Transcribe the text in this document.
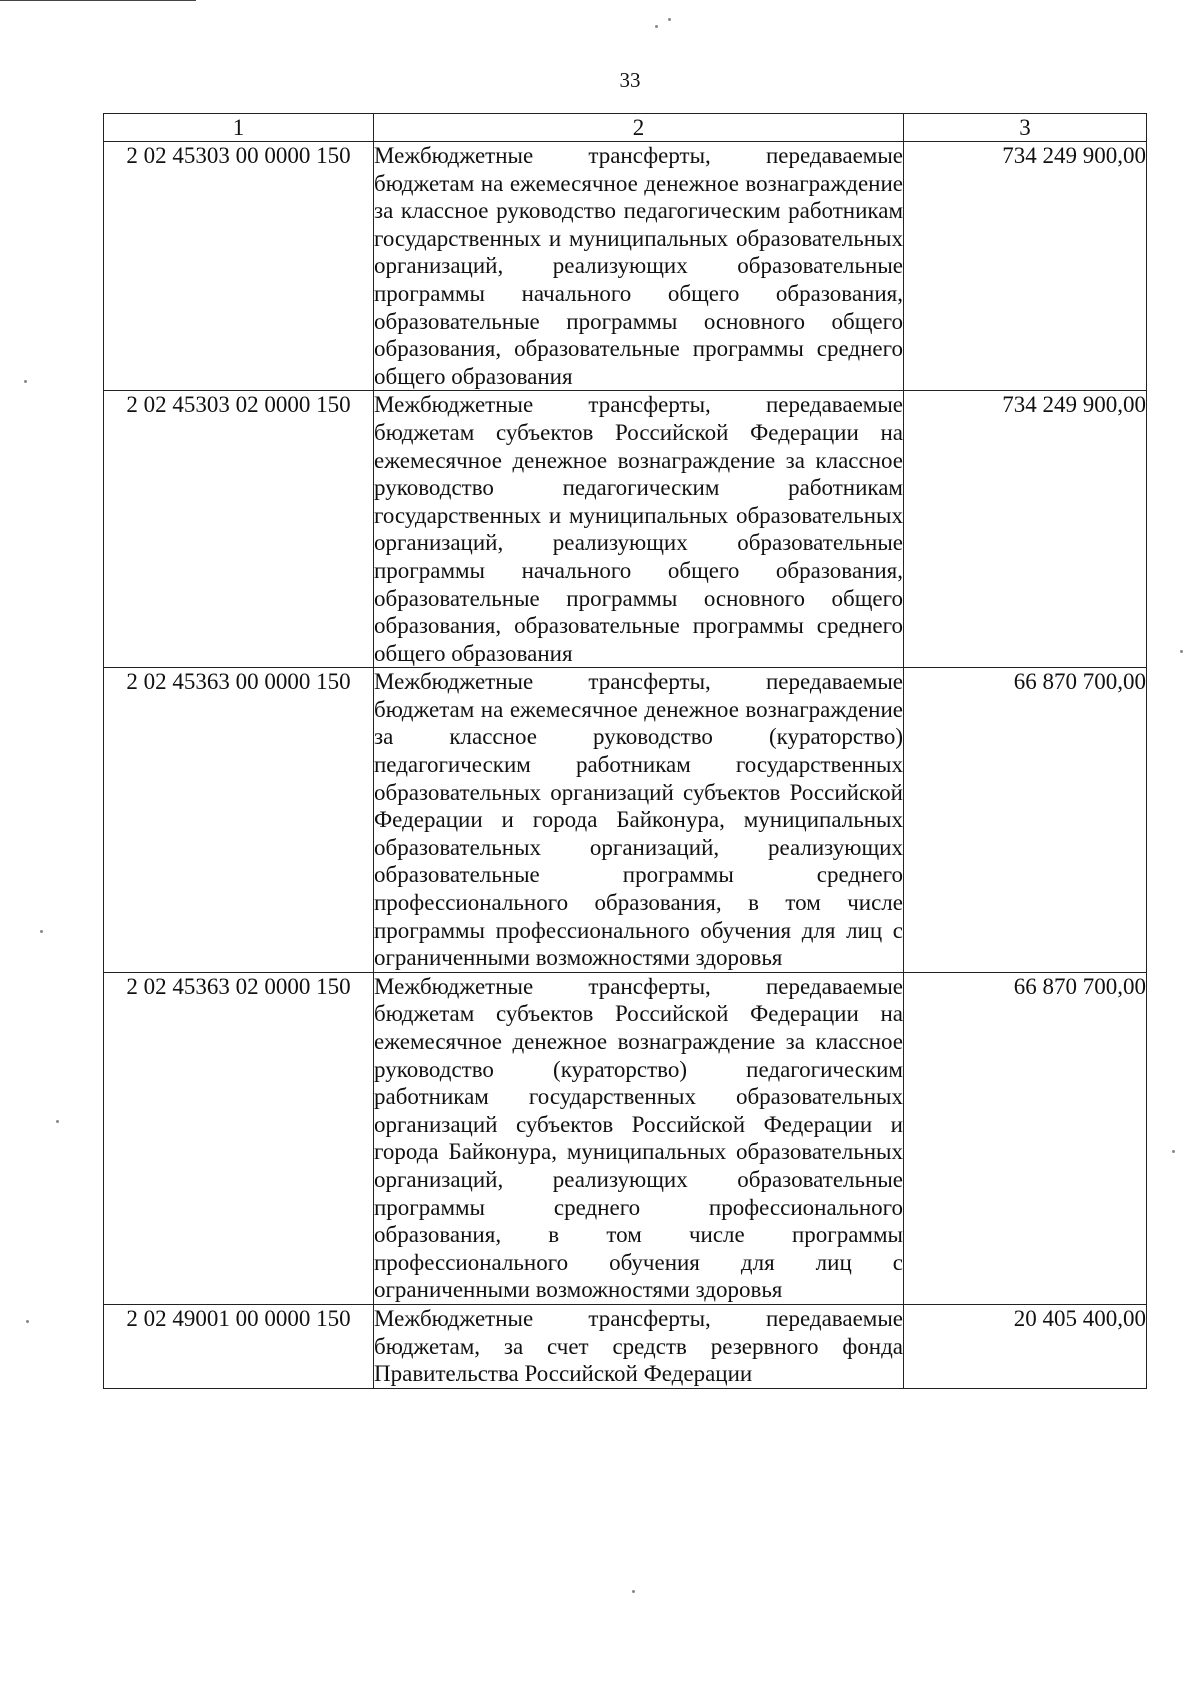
33
1	2	3
2 02 45303 00 0000 150	Межбюджетные трансферты, передаваемые бюджетам на ежемесячное денежное вознаграждение за классное руководство педагогическим работникам государственных и муниципальных образовательных организаций, реализующих образовательные программы начального общего образования, образовательные программы основного общего образования, образовательные программы среднего общего образования	734 249 900,00
2 02 45303 02 0000 150	Межбюджетные трансферты, передаваемые бюджетам субъектов Российской Федерации на ежемесячное денежное вознаграждение за классное руководство педагогическим работникам государственных и муниципальных образовательных организаций, реализующих образовательные программы начального общего образования, образовательные программы основного общего образования, образовательные программы среднего общего образования	734 249 900,00
2 02 45363 00 0000 150	Межбюджетные трансферты, передаваемые бюджетам на ежемесячное денежное вознаграждение за классное руководство (кураторство) педагогическим работникам государственных образовательных организаций субъектов Российской Федерации и города Байконура, муниципальных образовательных организаций, реализующих образовательные программы среднего профессионального образования, в том числе программы профессионального обучения для лиц с ограниченными возможностями здоровья	66 870 700,00
2 02 45363 02 0000 150	Межбюджетные трансферты, передаваемые бюджетам субъектов Российской Федерации на ежемесячное денежное вознаграждение за классное руководство (кураторство) педагогическим работникам государственных образовательных организаций субъектов Российской Федерации и города Байконура, муниципальных образовательных организаций, реализующих образовательные программы среднего профессионального образования, в том числе программы профессионального обучения для лиц с ограниченными возможностями здоровья	66 870 700,00
2 02 49001 00 0000 150	Межбюджетные трансферты, передаваемые бюджетам, за счет средств резервного фонда Правительства Российской Федерации	20 405 400,00
